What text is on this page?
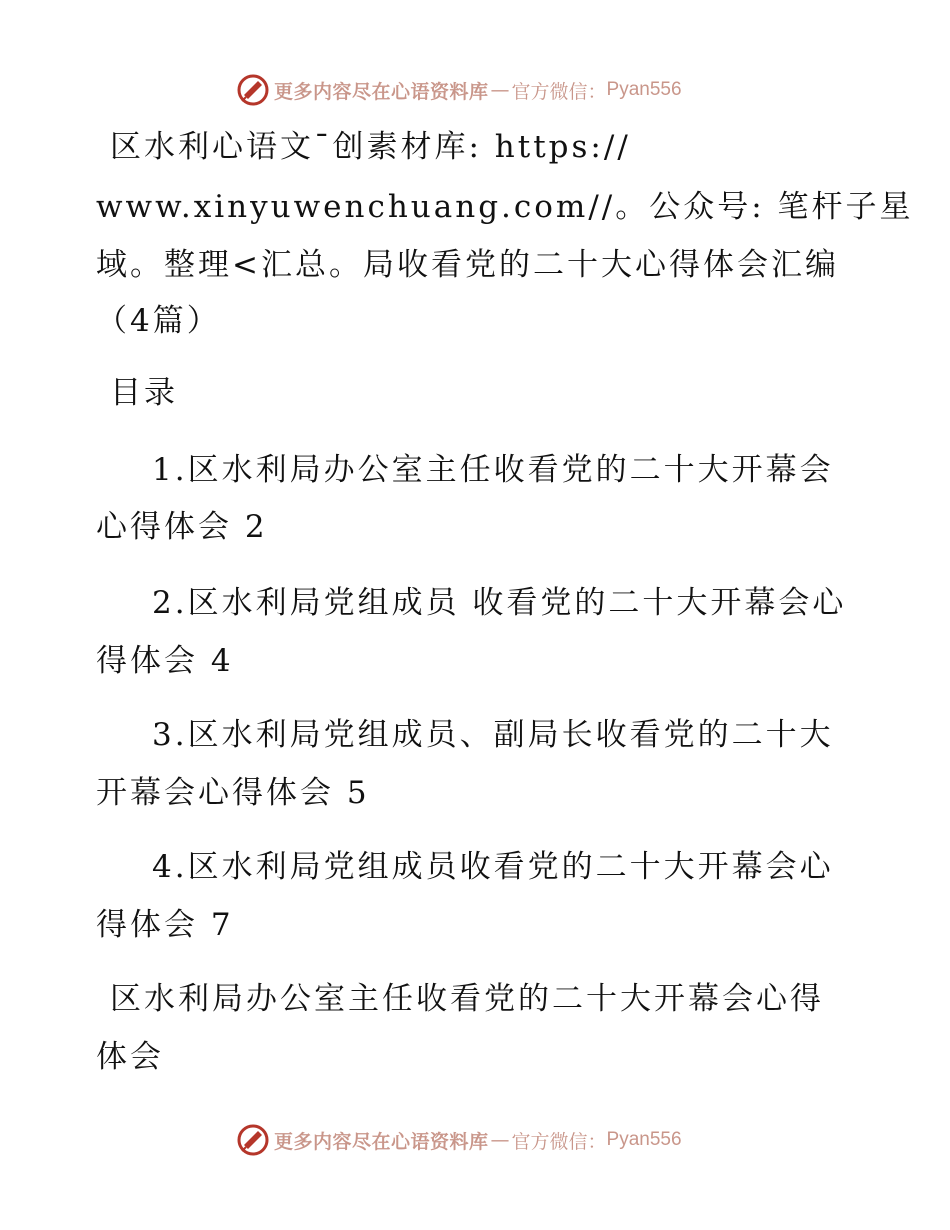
更多内容尽在心语资料库 — 官方微信： Pyan556
区水利心语文¯创素材库: https://
www.xinyuwenchuang.com//。公众号: 笔杆子星
域。整理<汇总。局收看党的二十大心得体会汇编
（4篇）
目录
1.区水利局办公室主任收看党的二十大开幕会
心得体会 2
2.区水利局党组成员 收看党的二十大开幕会心
得体会 4
3.区水利局党组成员、副局长收看党的二十大
开幕会心得体会 5
4.区水利局党组成员收看党的二十大开幕会心
得体会 7
区水利局办公室主任收看党的二十大开幕会心得
体会
更多内容尽在心语资料库 — 官方微信： Pyan556
